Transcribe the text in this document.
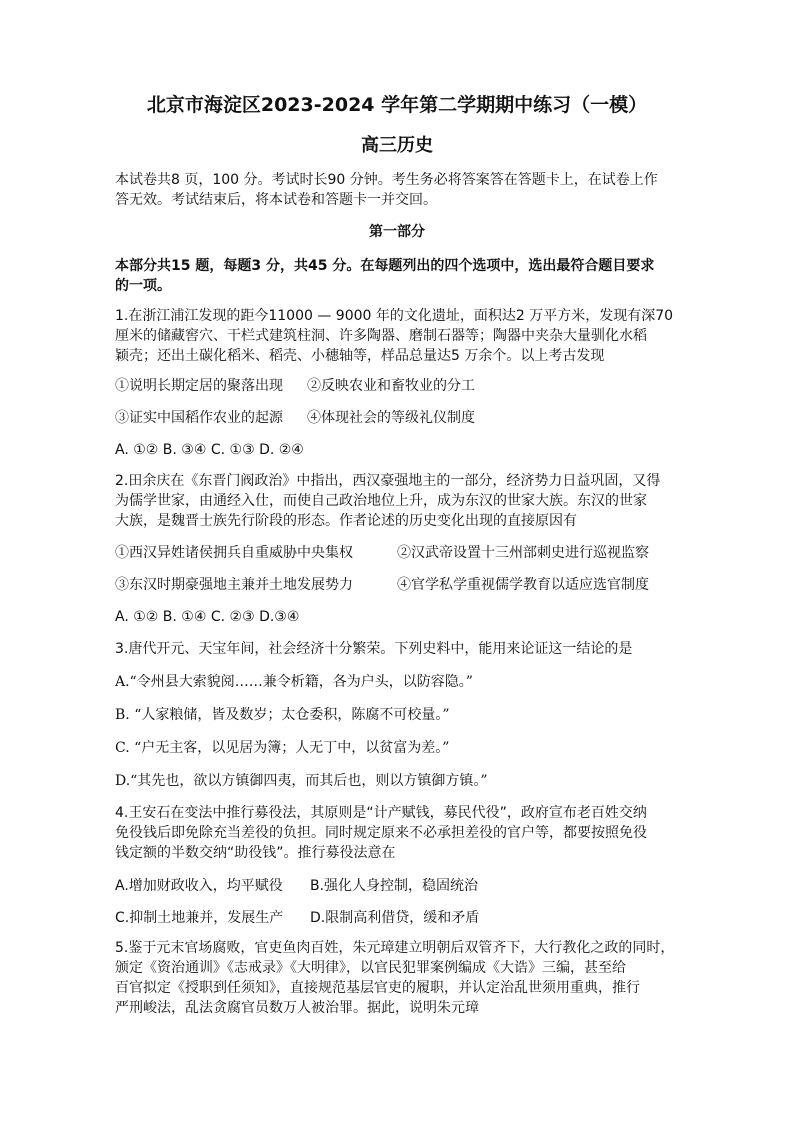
北京市海淀区2023-2024 学年第二学期期中练习（一模）
高三历史
本试卷共8 页，100 分。考试时长90 分钟。考生务必将答案答在答题卡上，在试卷上作
答无效。考试结束后，将本试卷和答题卡一并交回。
第一部分
本部分共15 题，每题3 分，共45 分。在每题列出的四个选项中，选出最符合题目要求
的一项。
1.在浙江浦江发现的距今11000 — 9000 年的文化遗址，面积达2 万平方米，发现有深70
厘米的储藏窖穴、干栏式建筑柱洞、许多陶器、磨制石器等；陶器中夹杂大量驯化水稻
颖壳；还出土碳化稻米、稻壳、小穗轴等，样品总量达5 万余个。以上考古发现
①说明长期定居的聚落出现 ②反映农业和畜牧业的分工
③证实中国稻作农业的起源 ④体现社会的等级礼仪制度
A. ①② B. ③④ C. ①③ D. ②④
2.田余庆在《东晋门阀政治》中指出，西汉豪强地主的一部分，经济势力日益巩固，又得
为儒学世家，由通经入仕，而使自己政治地位上升，成为东汉的世家大族。东汉的世家
大族，是魏晋士族先行阶段的形态。作者论述的历史变化出现的直接原因有
①西汉异姓诸侯拥兵自重威胁中央集权	②汉武帝设置十三州部刺史进行巡视监察
③东汉时期豪强地主兼并土地发展势力	④官学私学重视儒学教育以适应选官制度
A. ①② B. ①④ C. ②③ D.③④
3.唐代开元、天宝年间，社会经济十分繁荣。下列史料中，能用来论证这一结论的是
A.“令州县大索貌阅……兼令析籍，各为户头，以防容隐。”
B. “人家粮储，皆及数岁；太仓委积，陈腐不可校量。”
C. “户无主客，以见居为簿；人无丁中，以贫富为差。”
D.“其先也，欲以方镇御四夷，而其后也，则以方镇御方镇。”
4.王安石在变法中推行募役法，其原则是“计产赋钱，募民代役”，政府宣布老百姓交纳
免役钱后即免除充当差役的负担。同时规定原来不必承担差役的官户等，都要按照免役
钱定额的半数交纳“助役钱”。推行募役法意在
A.增加财政收入，均平赋役 B.强化人身控制，稳固统治
C.抑制土地兼并，发展生产 D.限制高利借贷，缓和矛盾
5.鉴于元末官场腐败，官吏鱼肉百姓，朱元璋建立明朝后双管齐下，大行教化之政的同时，
颁定《资治通训》《志戒录》《大明律》，以官民犯罪案例编成《大诰》三编，甚至给
百官拟定《授职到任须知》，直接规范基层官吏的履职，并认定治乱世须用重典，推行
严刑峻法，乱法贪腐官员数万人被治罪。据此，说明朱元璋
